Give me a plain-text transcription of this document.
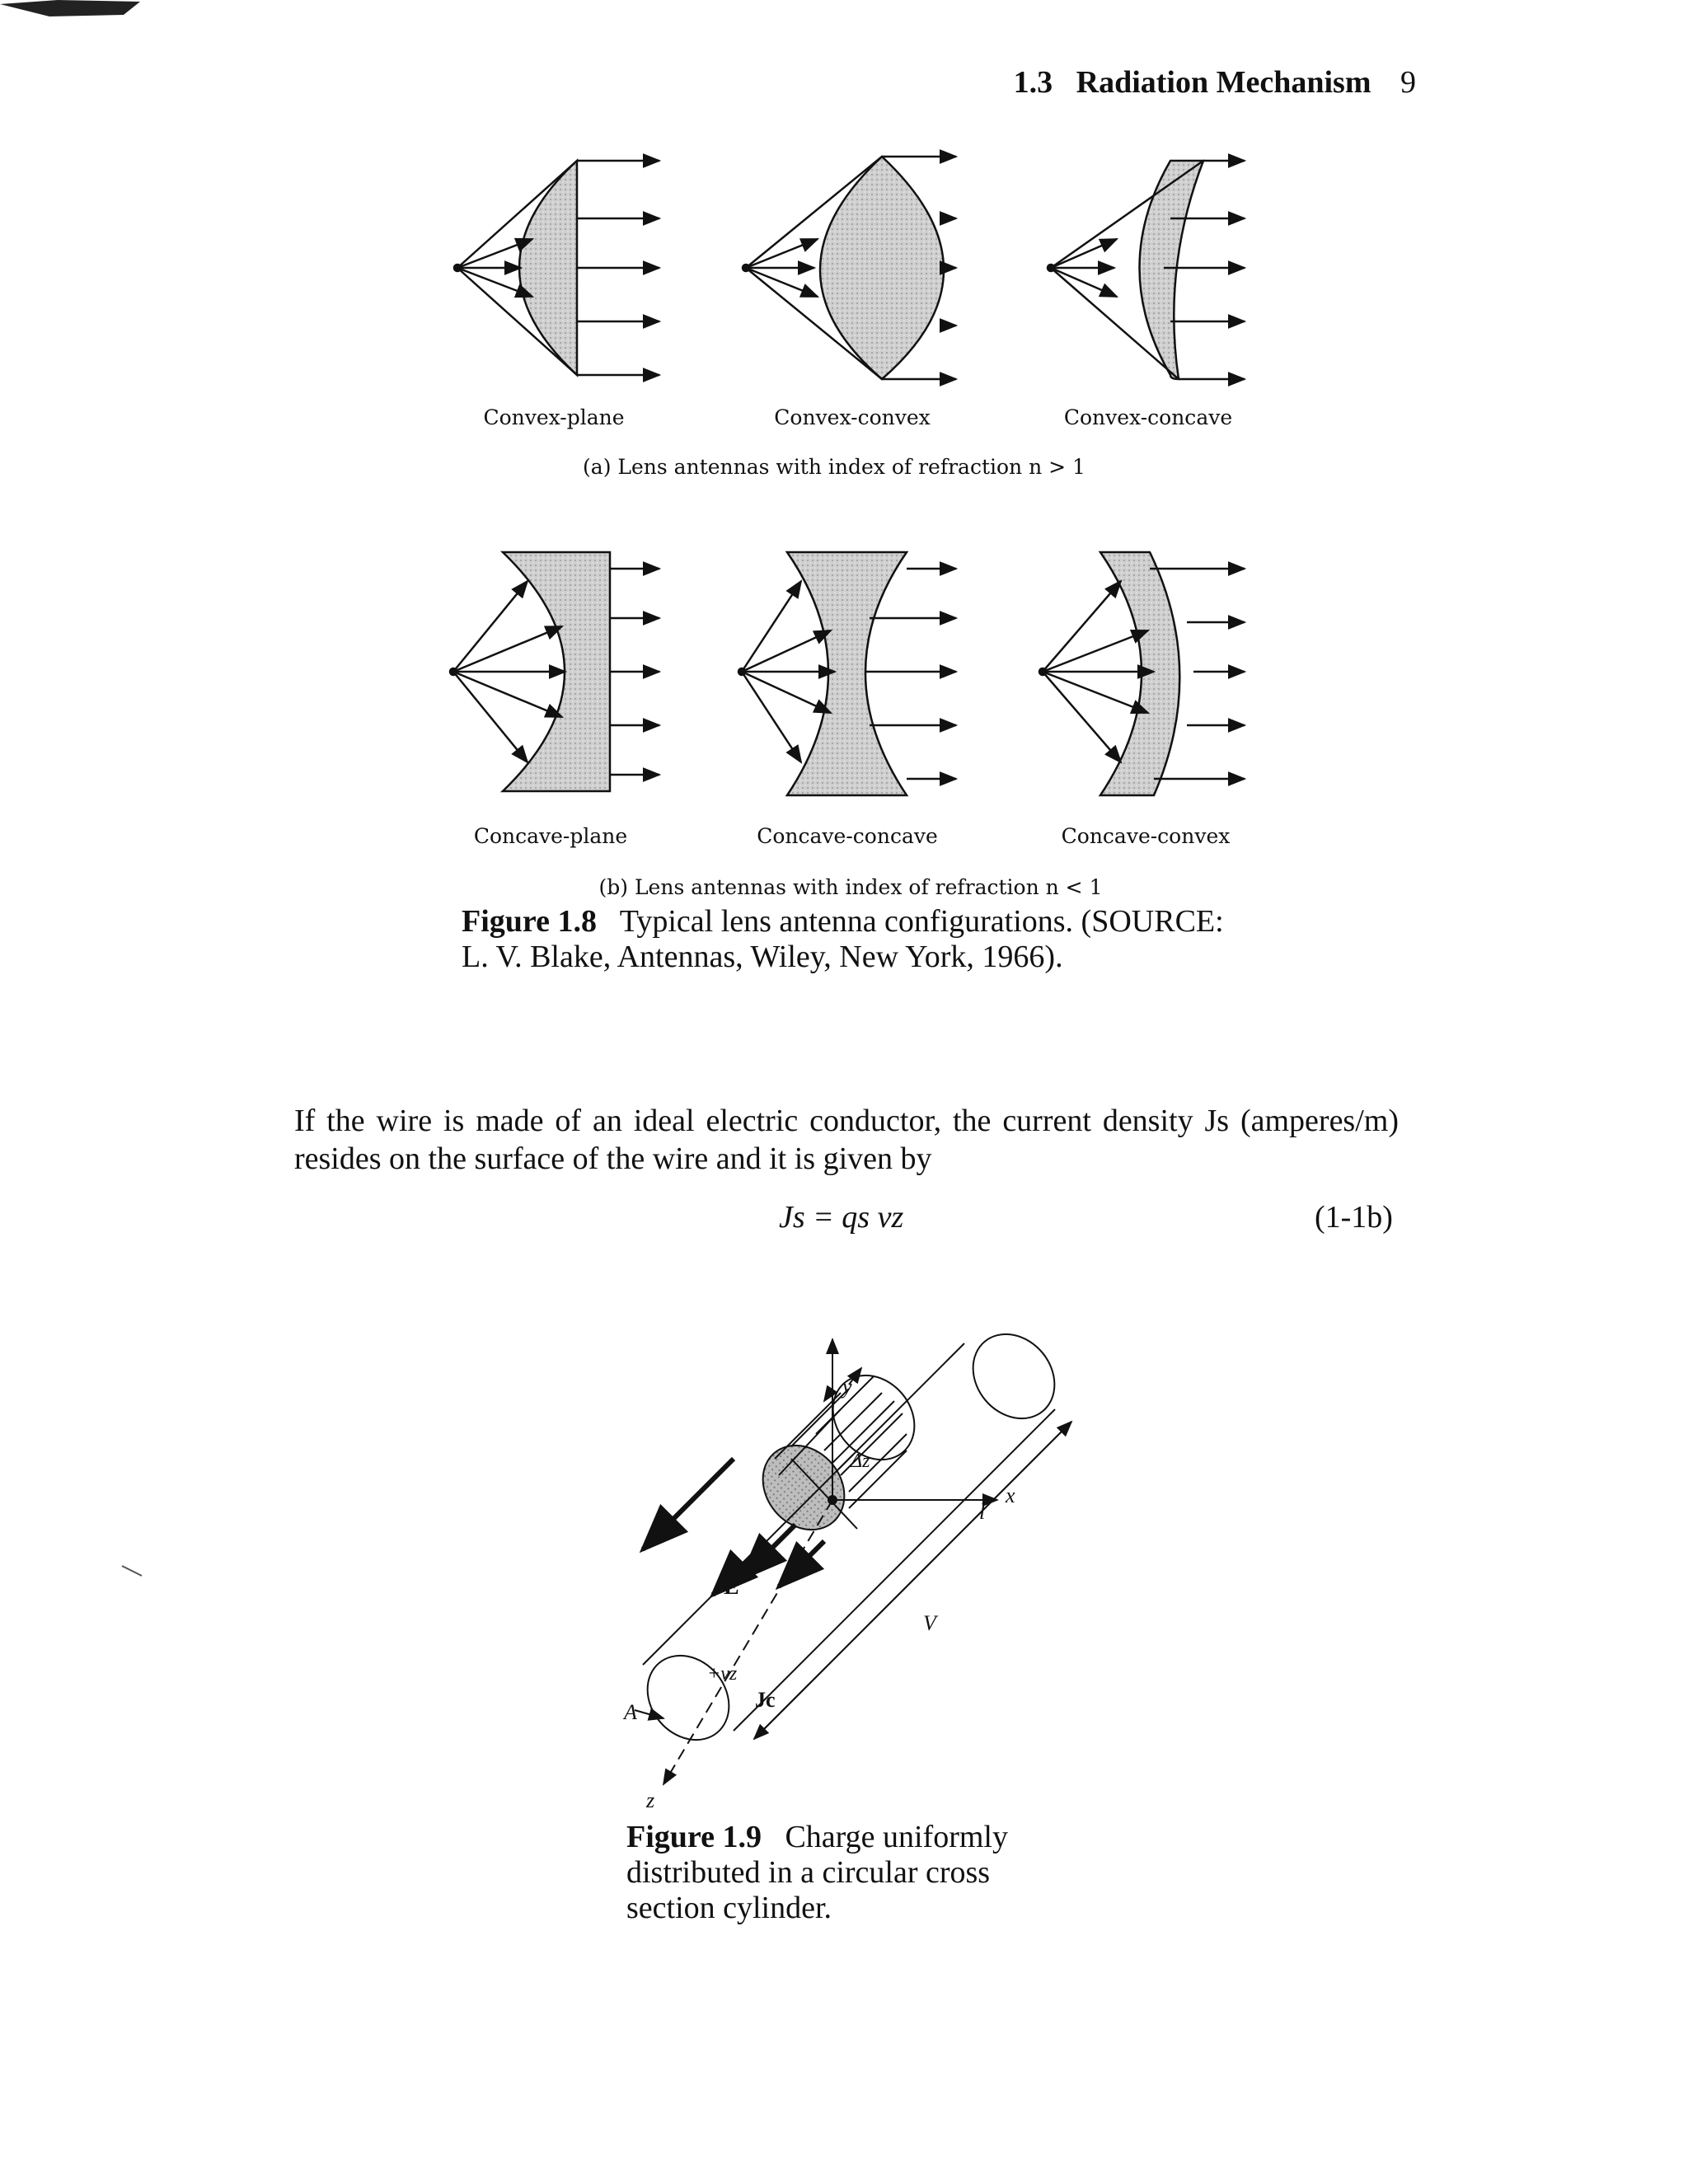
1.3 Radiation Mechanism 9
Convex-plane	Convex-convex	Convex-concave
(a) Lens antennas with index of refraction n > 1
Concave-plane	Concave-concave	Concave-convex
(b) Lens antennas with index of refraction n < 1
Figure 1.8 Typical lens antenna configurations. (SOURCE: L. V. Blake, Antennas, Wiley, New York, 1966).
If the wire is made of an ideal electric conductor, the current density Js (amperes/m) resides on the surface of the wire and it is given by
Js = qs vz	(1-1b)
y
x
z
Δz
l
V
E
+vz
Jc
A
Figure 1.9 Charge uniformly distributed in a circular cross section cylinder.
